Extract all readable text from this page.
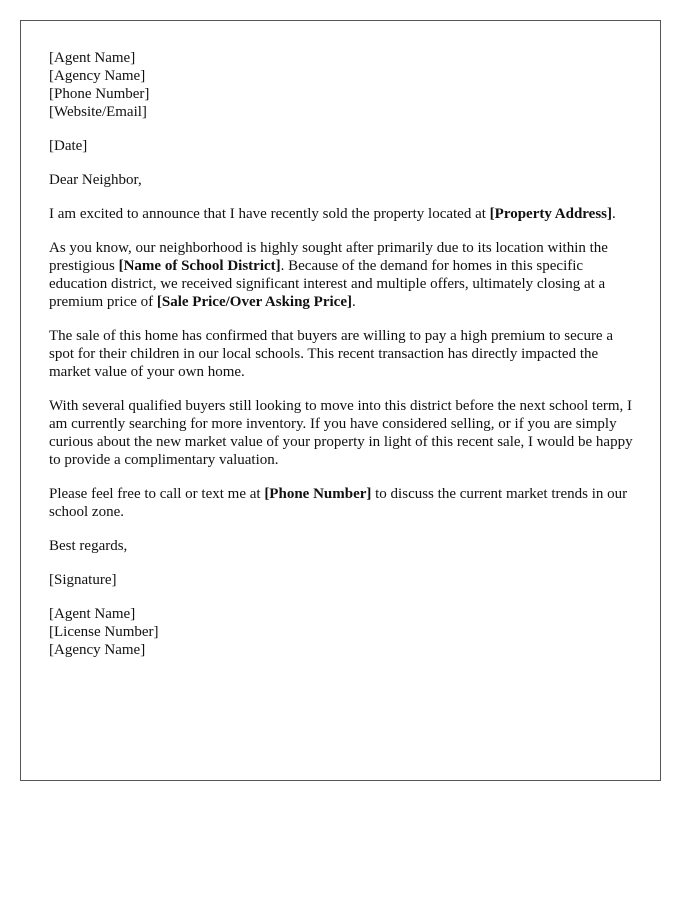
[Agent Name]
[Agency Name]
[Phone Number]
[Website/Email]

[Date]

Dear Neighbor,

I am excited to announce that I have recently sold the property located at [Property Address].

As you know, our neighborhood is highly sought after primarily due to its location within the prestigious [Name of School District]. Because of the demand for homes in this specific education district, we received significant interest and multiple offers, ultimately closing at a premium price of [Sale Price/Over Asking Price].

The sale of this home has confirmed that buyers are willing to pay a high premium to secure a spot for their children in our local schools. This recent transaction has directly impacted the market value of your own home.

With several qualified buyers still looking to move into this district before the next school term, I am currently searching for more inventory. If you have considered selling, or if you are simply curious about the new market value of your property in light of this recent sale, I would be happy to provide a complimentary valuation.

Please feel free to call or text me at [Phone Number] to discuss the current market trends in our school zone.

Best regards,

[Signature]

[Agent Name]
[License Number]
[Agency Name]
